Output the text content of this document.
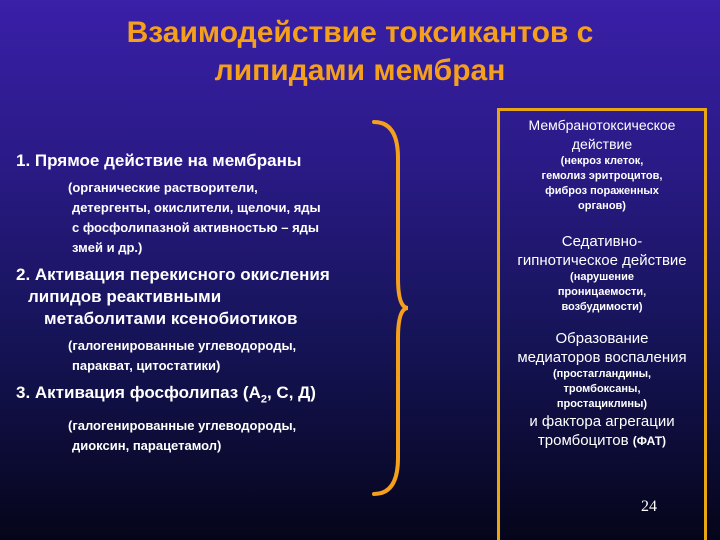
Взаимодействие токсикантов с
липидами мембран
1. Прямое действие на мембраны
(органические растворители,
детергенты, окислители, щелочи, яды
с фосфолипазной активностью – яды
змей и др.)
2. Активация перекисного окисления
липидов реактивными
метаболитами ксенобиотиков
(галогенированные углеводороды,
паракват, цитостатики)
3. Активация фосфолипаз ($А_2$, С, Д)
(галогенированные углеводороды,
диоксин, парацетамол)
Мембранотоксическое
действие
(некроз клеток,
гемолиз эритроцитов,
фиброз пораженных
органов)
Седативно-
гипнотическое действие
(нарушение
проницаемости,
возбудимости)
Образование
медиаторов воспаления
(простагландины,
тромбоксаны,
простациклины)
и фактора агрегации
тромбоцитов (ФАТ)
24
